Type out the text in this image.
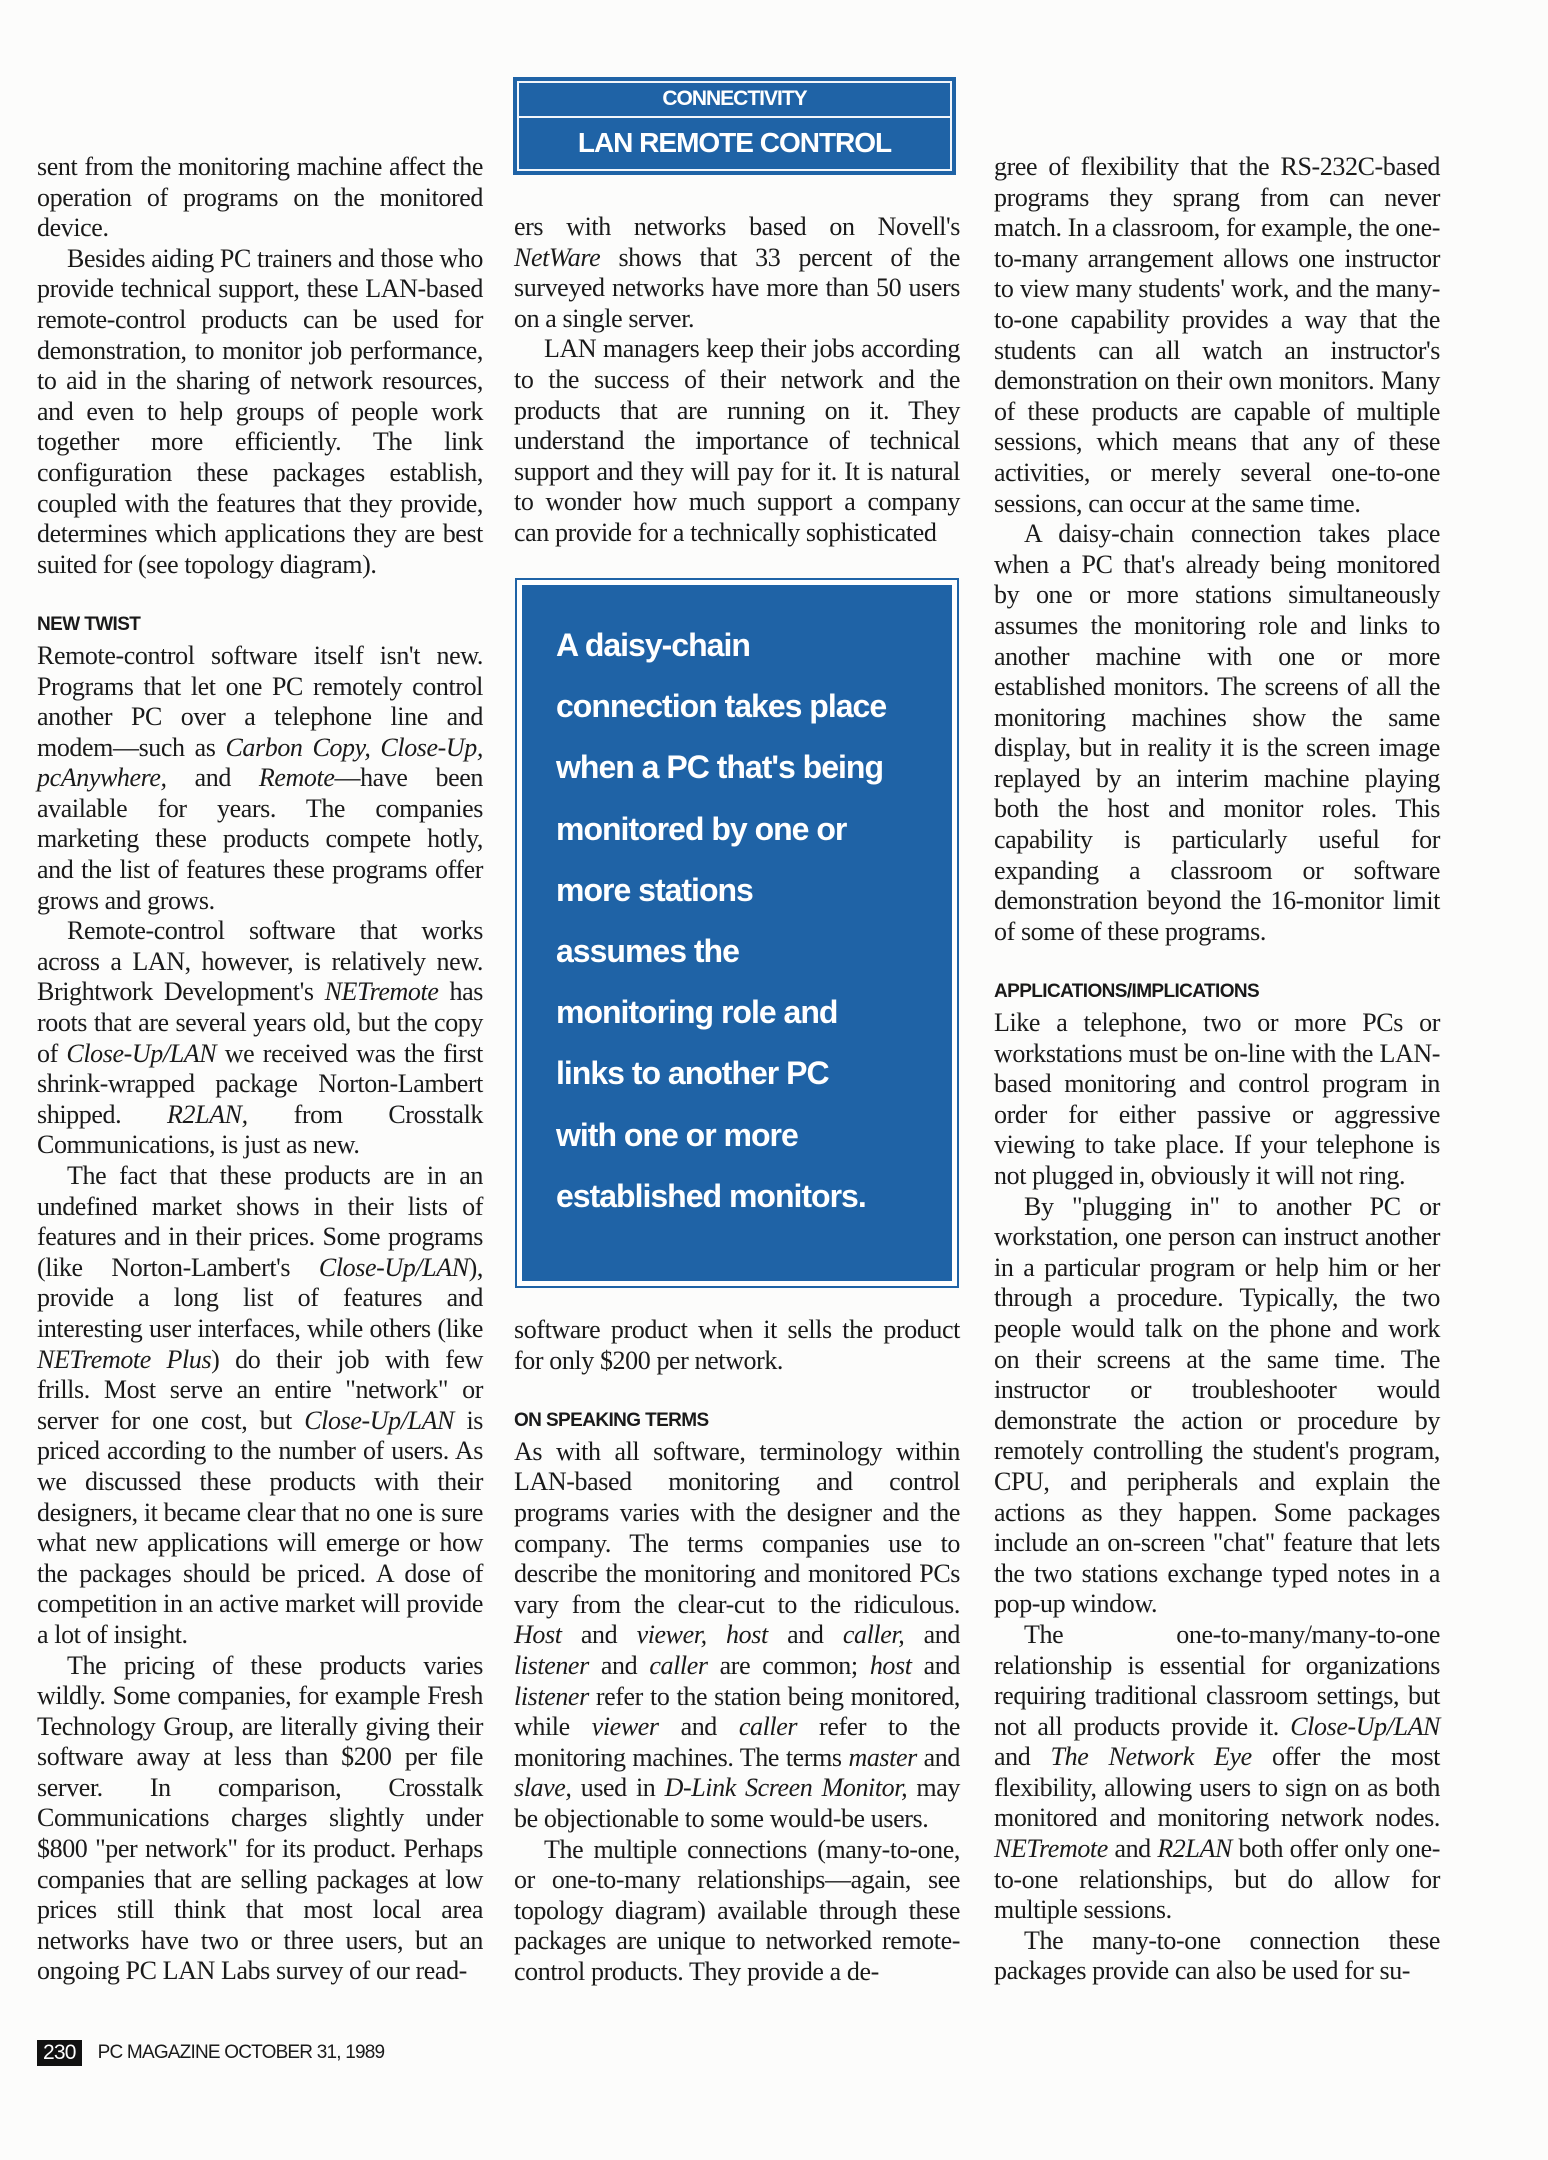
CONNECTIVITY
LAN REMOTE CONTROL

sent from the monitoring machine affect the operation of programs on the monitored device.

Besides aiding PC trainers and those who provide technical support, these LAN-based remote-control products can be used for demonstration, to monitor job performance, to aid in the sharing of network resources, and even to help groups of people work together more efficiently. The link configuration these packages establish, coupled with the features that they provide, determines which applications they are best suited for (see topology diagram).

NEW TWIST

Remote-control software itself isn't new. Programs that let one PC remotely control another PC over a telephone line and modem—such as Carbon Copy, Close-Up, pcAnywhere, and Remote—have been available for years. The companies marketing these products compete hotly, and the list of features these programs offer grows and grows.

Remote-control software that works across a LAN, however, is relatively new. Brightwork Development's NETremote has roots that are several years old, but the copy of Close-Up/LAN we received was the first shrink-wrapped package Norton-Lambert shipped. R2LAN, from Crosstalk Communications, is just as new.

The fact that these products are in an undefined market shows in their lists of features and in their prices. Some programs (like Norton-Lambert's Close-Up/LAN), provide a long list of features and interesting user interfaces, while others (like NETremote Plus) do their job with few frills. Most serve an entire "network" or server for one cost, but Close-Up/LAN is priced according to the number of users. As we discussed these products with their designers, it became clear that no one is sure what new applications will emerge or how the packages should be priced. A dose of competition in an active market will provide a lot of insight.

The pricing of these products varies wildly. Some companies, for example Fresh Technology Group, are literally giving their software away at less than $200 per file server. In comparison, Crosstalk Communications charges slightly under $800 "per network" for its product. Perhaps companies that are selling packages at low prices still think that most local area networks have two or three users, but an ongoing PC LAN Labs survey of our read-

ers with networks based on Novell's NetWare shows that 33 percent of the surveyed networks have more than 50 users on a single server.

LAN managers keep their jobs according to the success of their network and the products that are running on it. They understand the importance of technical support and they will pay for it. It is natural to wonder how much support a company can provide for a technically sophisticated

A daisy-chain
connection takes place
when a PC that's being
monitored by one or
more stations
assumes the
monitoring role and
links to another PC
with one or more
established monitors.

software product when it sells the product for only $200 per network.

ON SPEAKING TERMS

As with all software, terminology within LAN-based monitoring and control programs varies with the designer and the company. The terms companies use to describe the monitoring and monitored PCs vary from the clear-cut to the ridiculous. Host and viewer, host and caller, and listener and caller are common; host and listener refer to the station being monitored, while viewer and caller refer to the monitoring machines. The terms master and slave, used in D-Link Screen Monitor, may be objectionable to some would-be users.

The multiple connections (many-to-one, or one-to-many relationships—again, see topology diagram) available through these packages are unique to networked remote-control products. They provide a de-

gree of flexibility that the RS-232C-based programs they sprang from can never match. In a classroom, for example, the one-to-many arrangement allows one instructor to view many students' work, and the many-to-one capability provides a way that the students can all watch an instructor's demonstration on their own monitors. Many of these products are capable of multiple sessions, which means that any of these activities, or merely several one-to-one sessions, can occur at the same time.

A daisy-chain connection takes place when a PC that's already being monitored by one or more stations simultaneously assumes the monitoring role and links to another machine with one or more established monitors. The screens of all the monitoring machines show the same display, but in reality it is the screen image replayed by an interim machine playing both the host and monitor roles. This capability is particularly useful for expanding a classroom or software demonstration beyond the 16-monitor limit of some of these programs.

APPLICATIONS/IMPLICATIONS

Like a telephone, two or more PCs or workstations must be on-line with the LAN-based monitoring and control program in order for either passive or aggressive viewing to take place. If your telephone is not plugged in, obviously it will not ring.

By "plugging in" to another PC or workstation, one person can instruct another in a particular program or help him or her through a procedure. Typically, the two people would talk on the phone and work on their screens at the same time. The instructor or troubleshooter would demonstrate the action or procedure by remotely controlling the student's program, CPU, and peripherals and explain the actions as they happen. Some packages include an on-screen "chat" feature that lets the two stations exchange typed notes in a pop-up window.

The one-to-many/many-to-one relationship is essential for organizations requiring traditional classroom settings, but not all products provide it. Close-Up/LAN and The Network Eye offer the most flexibility, allowing users to sign on as both monitored and monitoring network nodes. NETremote and R2LAN both offer only one-to-one relationships, but do allow for multiple sessions.

The many-to-one connection these packages provide can also be used for su-

230	PC MAGAZINE OCTOBER 31, 1989
